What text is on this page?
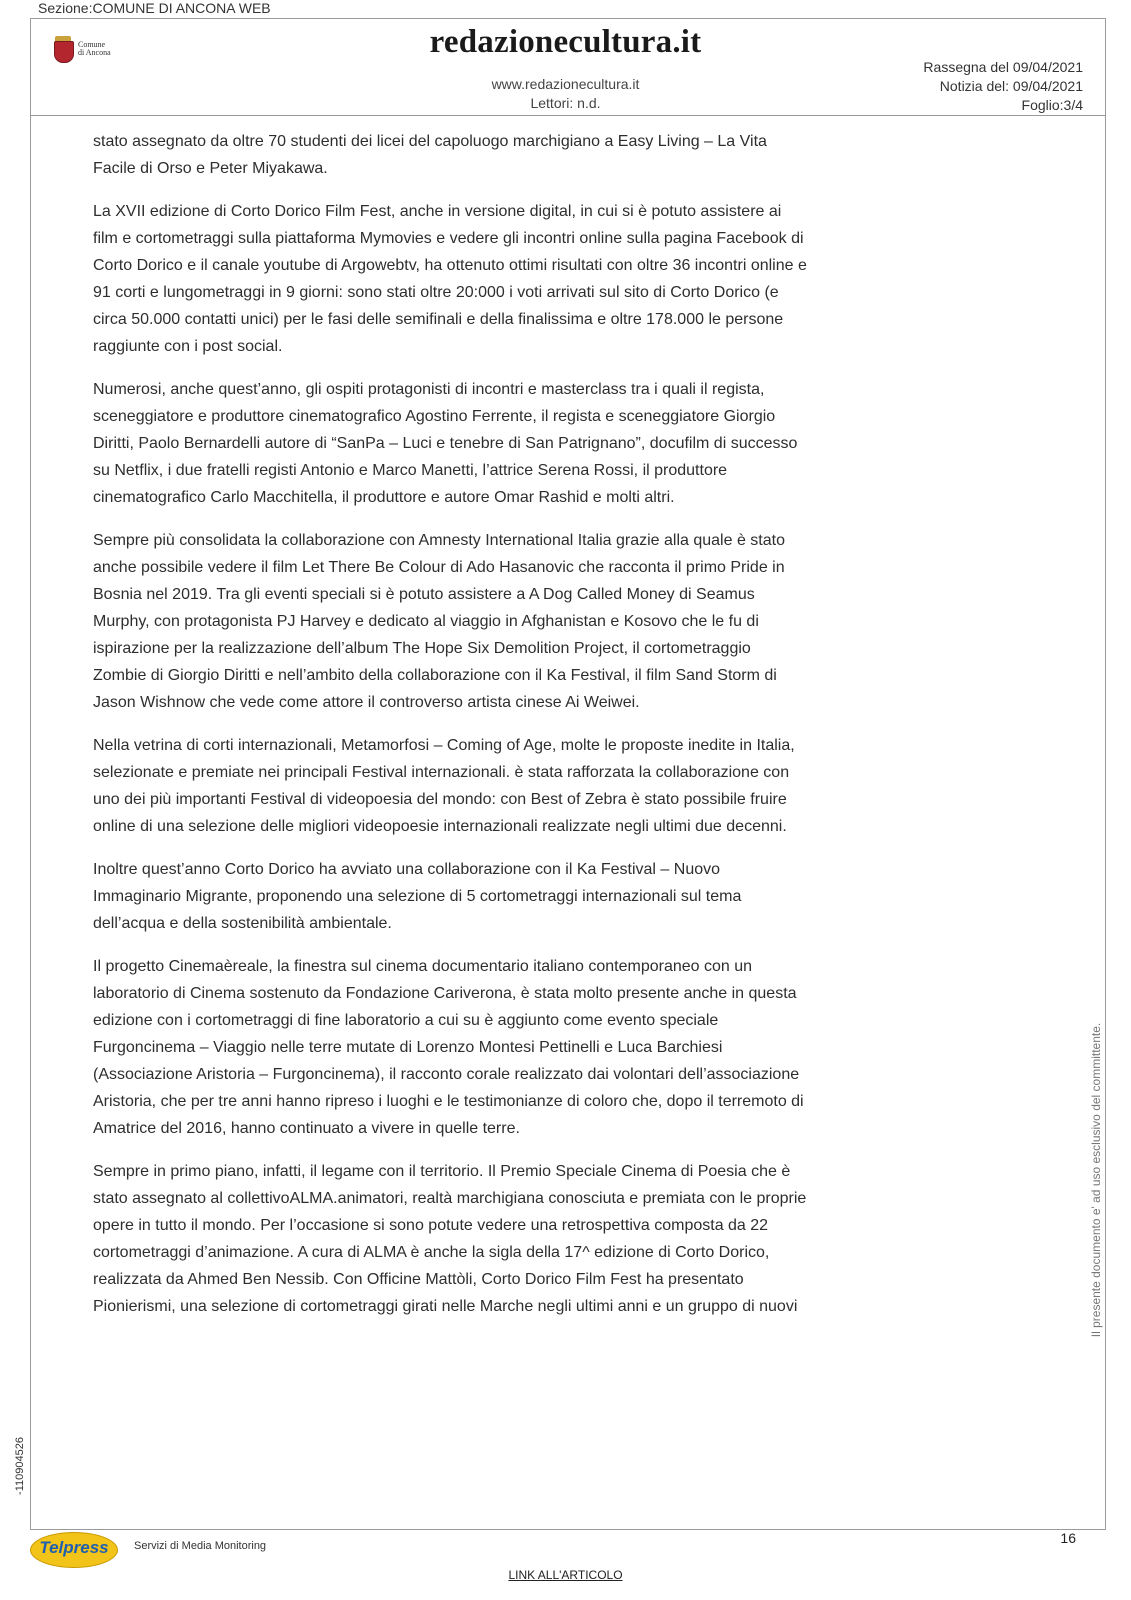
Sezione:COMUNE DI ANCONA WEB
Comune
di Ancona	redazionecultura.it
www.redazionecultura.it
Lettori: n.d.
Rassegna del 09/04/2021
Notizia del: 09/04/2021
Foglio:3/4

stato assegnato da oltre 70 studenti dei licei del capoluogo marchigiano a Easy Living – La Vita Facile di Orso e Peter Miyakawa.

La XVII edizione di Corto Dorico Film Fest, anche in versione digital, in cui si è potuto assistere ai film e cortometraggi sulla piattaforma Mymovies e vedere gli incontri online sulla pagina Facebook di Corto Dorico e il canale youtube di Argowebtv, ha ottenuto ottimi risultati con oltre 36 incontri online e 91 corti e lungometraggi in 9 giorni: sono stati oltre 20:000 i voti arrivati sul sito di Corto Dorico (e circa 50.000 contatti unici) per le fasi delle semifinali e della finalissima e oltre 178.000 le persone raggiunte con i post social.

Numerosi, anche quest’anno, gli ospiti protagonisti di incontri e masterclass tra i quali il regista, sceneggiatore e produttore cinematografico Agostino Ferrente, il regista e sceneggiatore Giorgio Diritti, Paolo Bernardelli autore di “SanPa – Luci e tenebre di San Patrignano”, docufilm di successo su Netflix, i due fratelli registi Antonio e Marco Manetti, l’attrice Serena Rossi, il produttore cinematografico Carlo Macchitella, il produttore e autore Omar Rashid e molti altri.

Sempre più consolidata la collaborazione con Amnesty International Italia grazie alla quale è stato anche possibile vedere il film Let There Be Colour di Ado Hasanovic che racconta il primo Pride in Bosnia nel 2019. Tra gli eventi speciali si è potuto assistere a A Dog Called Money di Seamus Murphy, con protagonista PJ Harvey e dedicato al viaggio in Afghanistan e Kosovo che le fu di ispirazione per la realizzazione dell’album The Hope Six Demolition Project, il cortometraggio Zombie di Giorgio Diritti e nell’ambito della collaborazione con il Ka Festival, il film Sand Storm di Jason Wishnow che vede come attore il controverso artista cinese Ai Weiwei.

Nella vetrina di corti internazionali, Metamorfosi – Coming of Age, molte le proposte inedite in Italia, selezionate e premiate nei principali Festival internazionali. è stata rafforzata la collaborazione con uno dei più importanti Festival di videopoesia del mondo: con Best of Zebra è stato possibile fruire online di una selezione delle migliori videopoesie internazionali realizzate negli ultimi due decenni.

Inoltre quest’anno Corto Dorico ha avviato una collaborazione con il Ka Festival – Nuovo Immaginario Migrante, proponendo una selezione di 5 cortometraggi internazionali sul tema dell’acqua e della sostenibilità ambientale.

Il progetto Cinemaèreale, la finestra sul cinema documentario italiano contemporaneo con un laboratorio di Cinema sostenuto da Fondazione Cariverona, è stata molto presente anche in questa edizione con i cortometraggi di fine laboratorio a cui su è aggiunto come evento speciale Furgoncinema – Viaggio nelle terre mutate di Lorenzo Montesi Pettinelli e Luca Barchiesi (Associazione Aristoria – Furgoncinema), il racconto corale realizzato dai volontari dell’associazione Aristoria, che per tre anni hanno ripreso i luoghi e le testimonianze di coloro che, dopo il terremoto di Amatrice del 2016, hanno continuato a vivere in quelle terre.

Sempre in primo piano, infatti, il legame con il territorio. Il Premio Speciale Cinema di Poesia che è stato assegnato al collettivoALMA.animatori, realtà marchigiana conosciuta e premiata con le proprie opere in tutto il mondo. Per l’occasione si sono potute vedere una retrospettiva composta da 22 cortometraggi d’animazione. A cura di ALMA è anche la sigla della 17^ edizione di Corto Dorico, realizzata da Ahmed Ben Nessib. Con Officine Mattòli, Corto Dorico Film Fest ha presentato Pionierismi, una selezione di cortometraggi girati nelle Marche negli ultimi anni e un gruppo di nuovi	Il presente documento e' ad uso esclusivo del committente.
-110904526
Telpress	Servizi di Media Monitoring	16
LINK ALL'ARTICOLO
